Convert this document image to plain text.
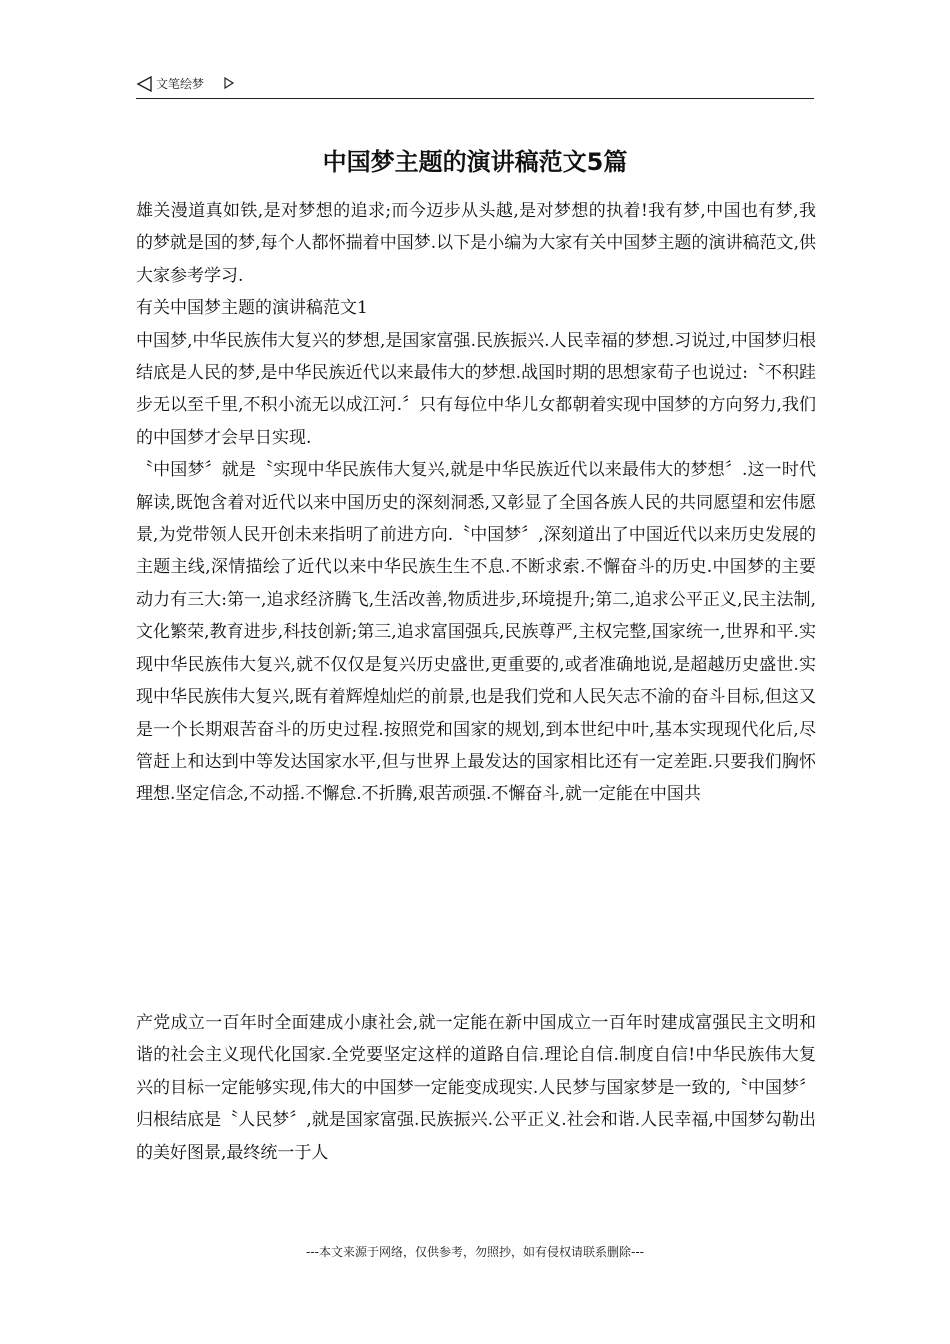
文笔绘梦
中国梦主题的演讲稿范文5篇

雄关漫道真如铁,是对梦想的追求;而今迈步从头越,是对梦想的执着!我有梦,中国也有梦,我的梦就是国的梦,每个人都怀揣着中国梦.以下是小编为大家有关中国梦主题的演讲稿范文,供大家参考学习.

有关中国梦主题的演讲稿范文1

中国梦,中华民族伟大复兴的梦想,是国家富强.民族振兴.人民幸福的梦想.习说过,中国梦归根结底是人民的梦,是中华民族近代以来最伟大的梦想.战国时期的思想家荀子也说过:〝不积跬步无以至千里,不积小流无以成江河.〞只有每位中华儿女都朝着实现中国梦的方向努力,我们的中国梦才会早日实现.

〝中国梦〞就是〝实现中华民族伟大复兴,就是中华民族近代以来最伟大的梦想〞.这一时代解读,既饱含着对近代以来中国历史的深刻洞悉,又彰显了全国各族人民的共同愿望和宏伟愿景,为党带领人民开创未来指明了前进方向.〝中国梦〞,深刻道出了中国近代以来历史发展的主题主线,深情描绘了近代以来中华民族生生不息.不断求索.不懈奋斗的历史.中国梦的主要动力有三大:第一,追求经济腾飞,生活改善,物质进步,环境提升;第二,追求公平正义,民主法制,文化繁荣,教育进步,科技创新;第三,追求富国强兵,民族尊严,主权完整,国家统一,世界和平.实现中华民族伟大复兴,就不仅仅是复兴历史盛世,更重要的,或者准确地说,是超越历史盛世.实现中华民族伟大复兴,既有着辉煌灿烂的前景,也是我们党和人民矢志不渝的奋斗目标,但这又是一个长期艰苦奋斗的历史过程.按照党和国家的规划,到本世纪中叶,基本实现现代化后,尽管赶上和达到中等发达国家水平,但与世界上最发达的国家相比还有一定差距.只要我们胸怀理想.坚定信念,不动摇.不懈怠.不折腾,艰苦顽强.不懈奋斗,就一定能在中国共

产党成立一百年时全面建成小康社会,就一定能在新中国成立一百年时建成富强民主文明和谐的社会主义现代化国家.全党要坚定这样的道路自信.理论自信.制度自信!中华民族伟大复兴的目标一定能够实现,伟大的中国梦一定能变成现实.人民梦与国家梦是一致的,〝中国梦〞归根结底是〝人民梦〞,就是国家富强.民族振兴.公平正义.社会和谐.人民幸福,中国梦勾勒出的美好图景,最终统一于人

---本文来源于网络，仅供参考，勿照抄，如有侵权请联系删除---
